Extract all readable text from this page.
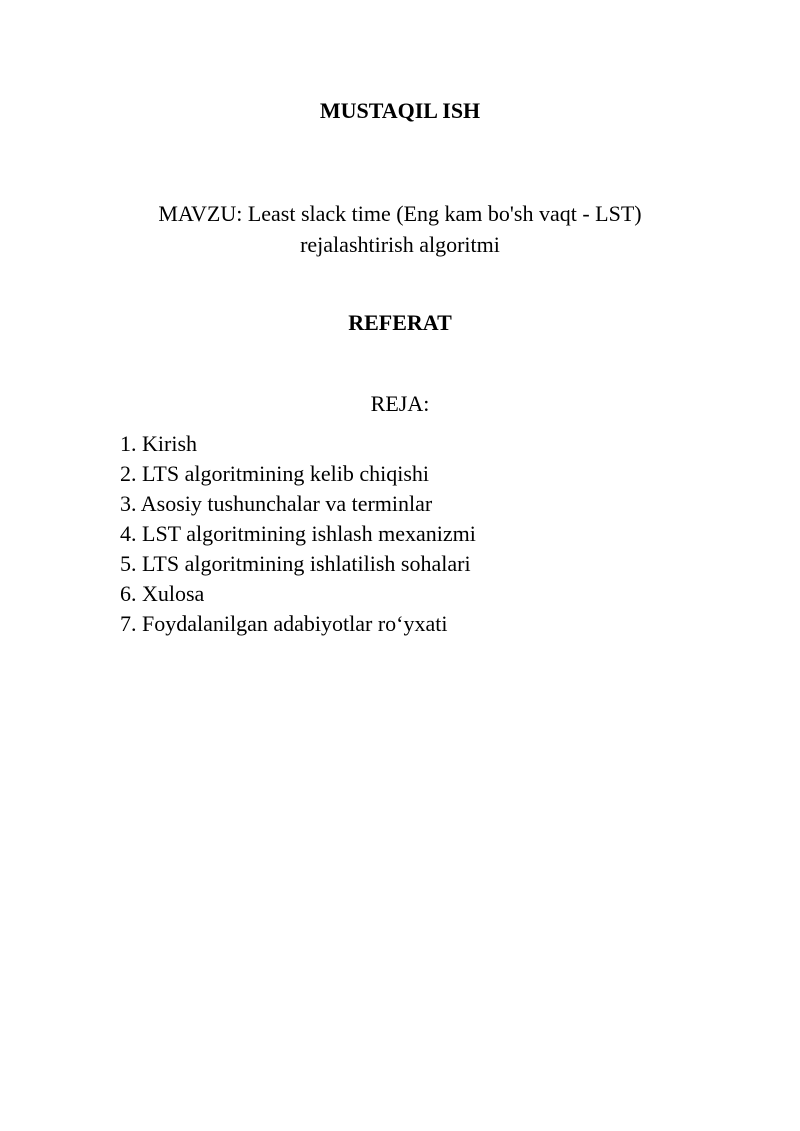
MUSTAQIL ISH
MAVZU: Least slack time (Eng kam bo'sh vaqt - LST)
rejalashtirish algoritmi
REFERAT
REJA:
1. Kirish
2. LTS algoritmining kelib chiqishi
3. Asosiy tushunchalar va terminlar
4. LST algoritmining ishlash mexanizmi
5. LTS algoritmining ishlatilish sohalari
6. Xulosa
7. Foydalanilgan adabiyotlar ro‘yxati
